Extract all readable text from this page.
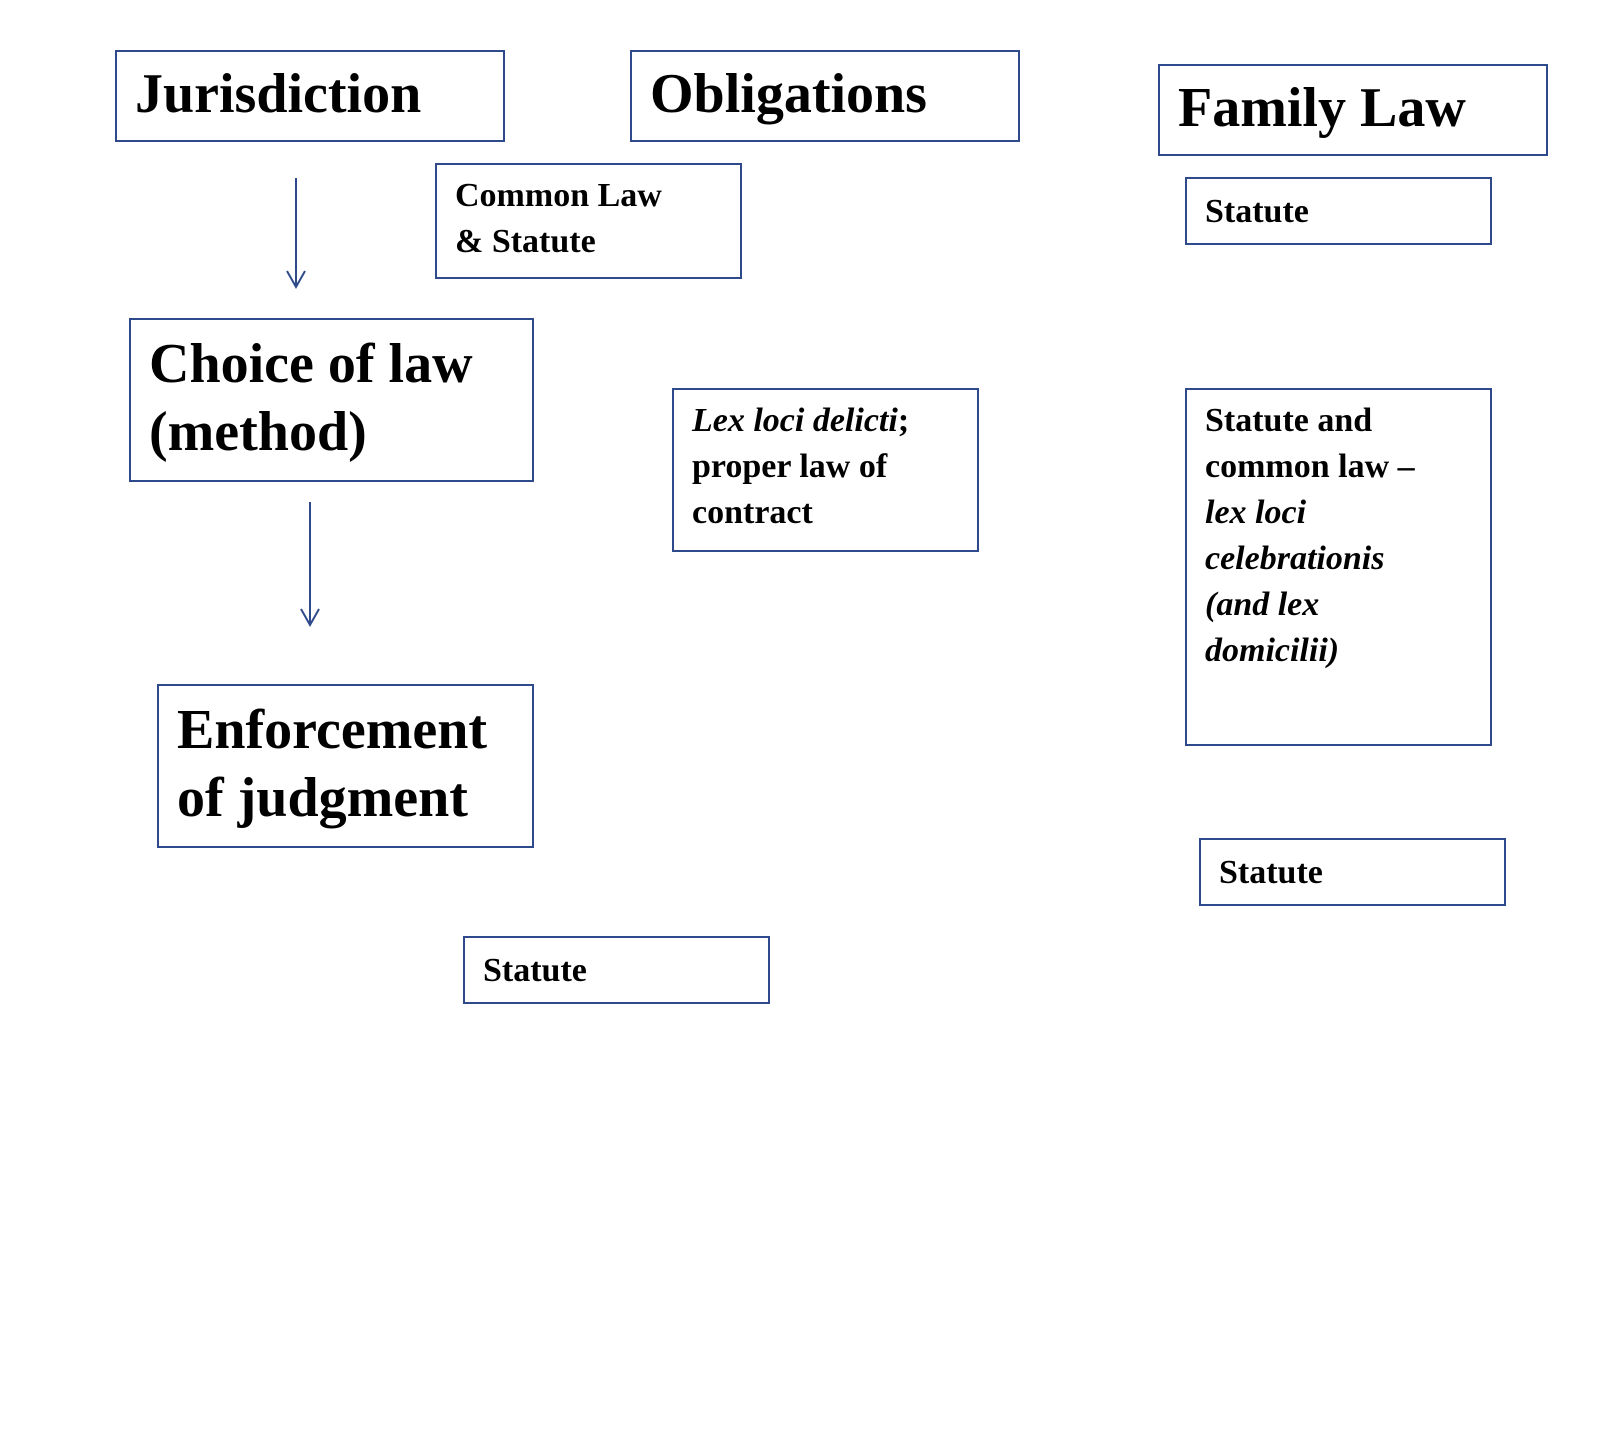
Jurisdiction	Obligations	Family Law
Common Law
& Statute
Statute
Choice of law
(method)	Lex loci delicti;
proper law of
contract
Statute and
common law –
lex loci
celebrationis
(and lex
domicilii)
Enforcement
of judgment
Statute
Statute
